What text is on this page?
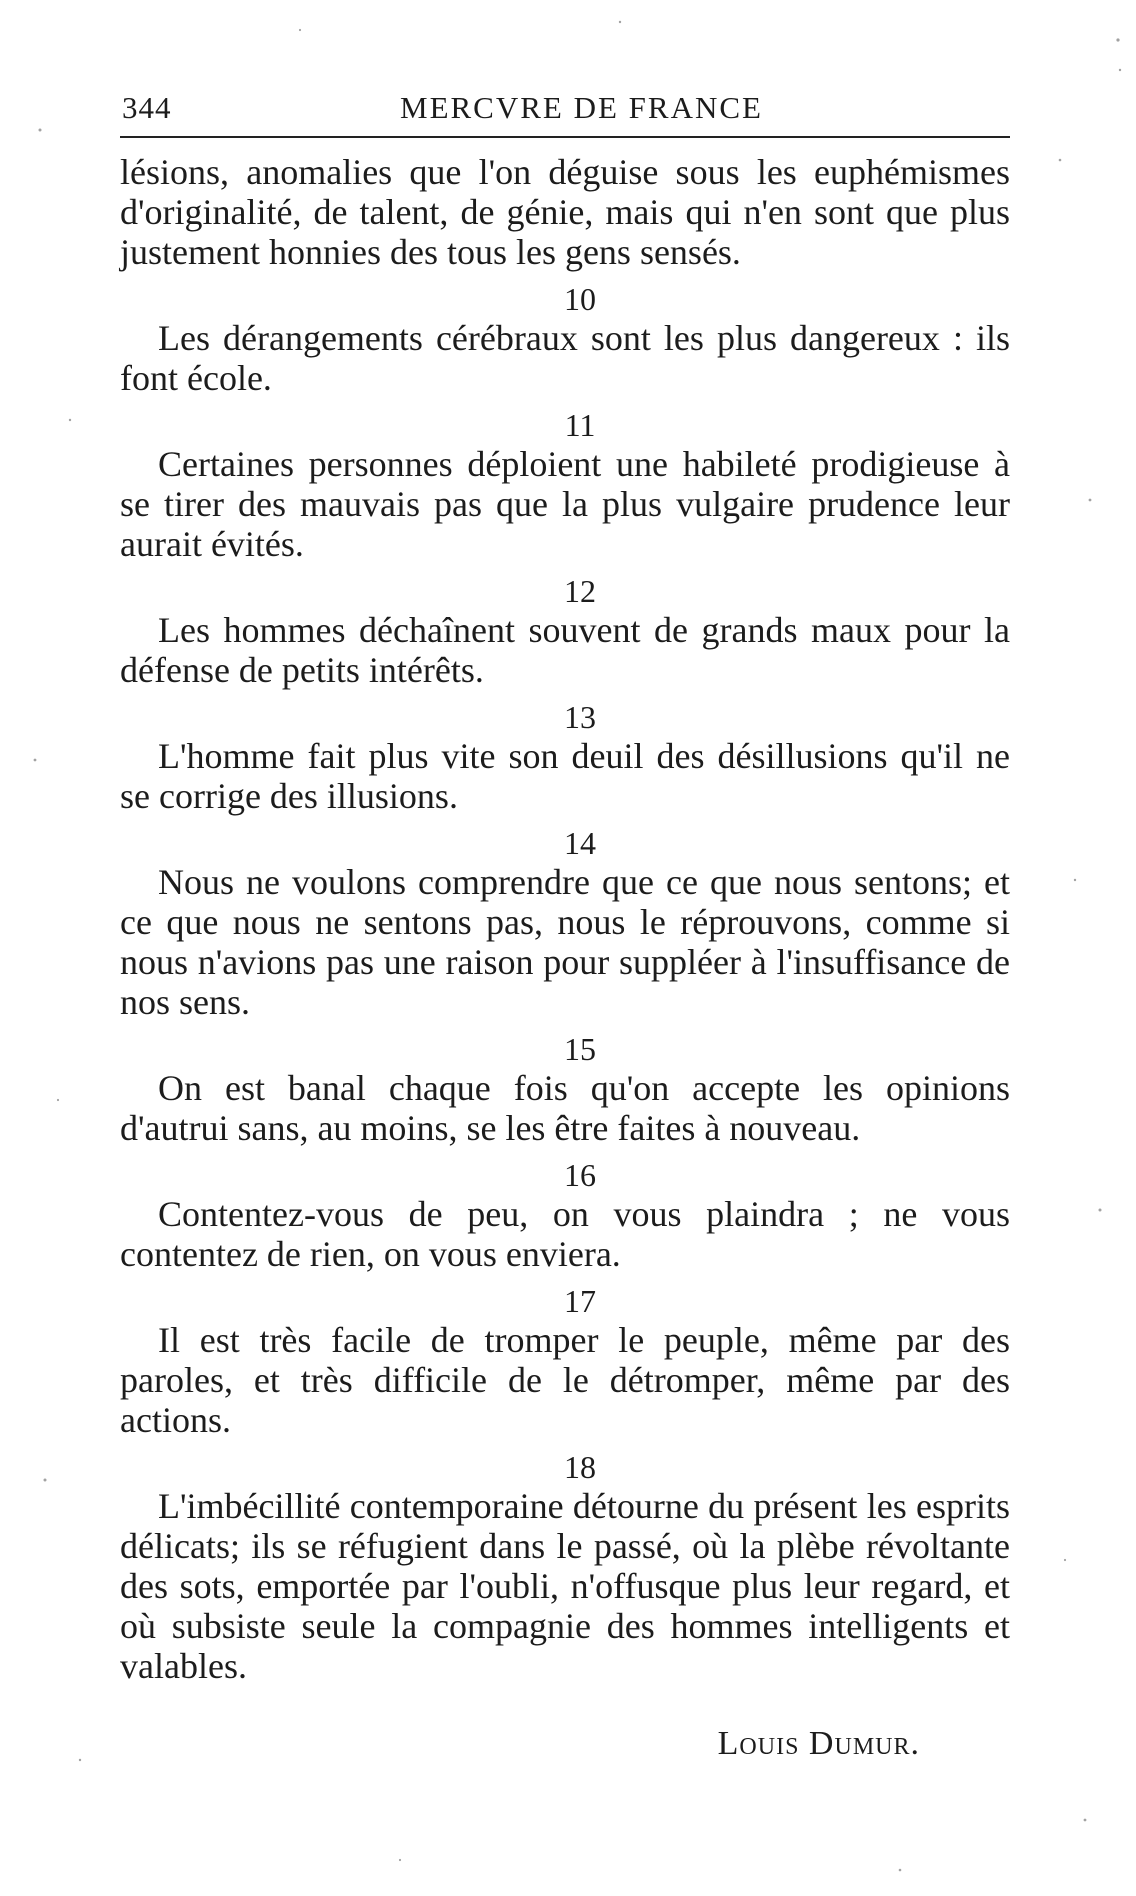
344	MERCVRE DE FRANCE

lésions, anomalies que l'on déguise sous les euphémismes d'originalité, de talent, de génie, mais qui n'en sont que plus justement honnies des tous les gens sensés.

10

Les dérangements cérébraux sont les plus dangereux : ils font école.

11

Certaines personnes déploient une habileté prodigieuse à se tirer des mauvais pas que la plus vulgaire prudence leur aurait évités.

12

Les hommes déchaînent souvent de grands maux pour la défense de petits intérêts.

13

L'homme fait plus vite son deuil des désillusions qu'il ne se corrige des illusions.

14

Nous ne voulons comprendre que ce que nous sentons; et ce que nous ne sentons pas, nous le réprouvons, comme si nous n'avions pas une raison pour suppléer à l'insuffisance de nos sens.

15

On est banal chaque fois qu'on accepte les opinions d'autrui sans, au moins, se les être faites à nouveau.

16

Contentez-vous de peu, on vous plaindra ; ne vous contentez de rien, on vous enviera.

17

Il est très facile de tromper le peuple, même par des paroles, et très difficile de le détromper, même par des actions.

18

L'imbécillité contemporaine détourne du présent les esprits délicats; ils se réfugient dans le passé, où la plèbe révoltante des sots, emportée par l'oubli, n'offusque plus leur regard, et où subsiste seule la compagnie des hommes intelligents et valables.

Louis Dumur.
